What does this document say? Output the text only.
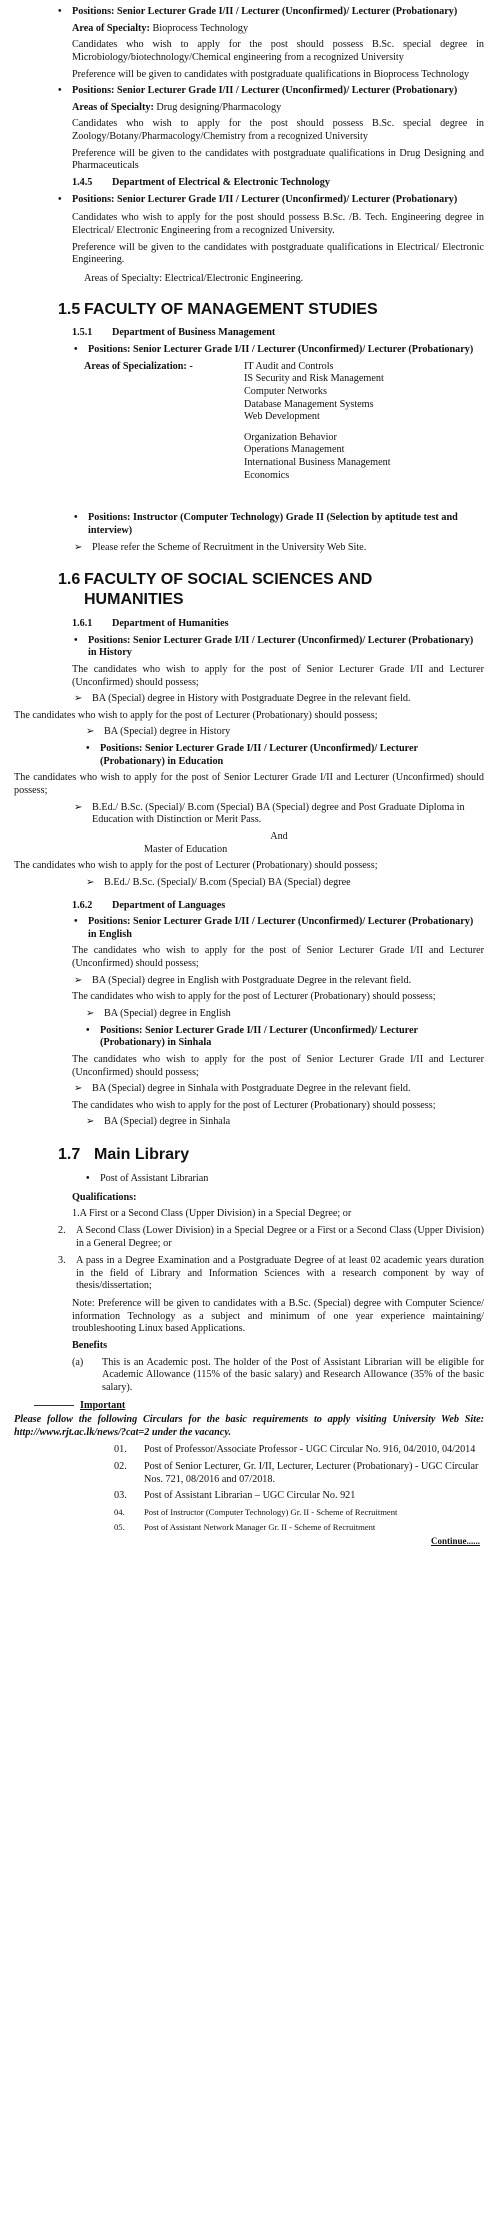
• Positions: Senior Lecturer Grade I/II / Lecturer (Unconfirmed)/ Lecturer (Probationary)

Area of Specialty: Bioprocess Technology

Candidates who wish to apply for the post should possess B.Sc. special degree in Microbiology/biotechnology/Chemical engineering from a recognized University

Preference will be given to candidates with postgraduate qualifications in Bioprocess Technology

• Positions: Senior Lecturer Grade I/II / Lecturer (Unconfirmed)/ Lecturer (Probationary)

Areas of Specialty: Drug designing/Pharmacology

Candidates who wish to apply for the post should possess B.Sc. special degree in Zoology/Botany/Pharmacology/Chemistry from a recognized University

Preference will be given to the candidates with postgraduate qualifications in Drug Designing and Pharmaceuticals

1.4.5 Department of Electrical & Electronic Technology
• Positions: Senior Lecturer Grade I/II / Lecturer (Unconfirmed)/ Lecturer (Probationary)

Candidates who wish to apply for the post should possess B.Sc. /B. Tech. Engineering degree in Electrical/ Electronic Engineering from a recognized University.

Preference will be given to the candidates with postgraduate qualifications in Electrical/ Electronic Engineering.

Areas of Specialty: Electrical/Electronic Engineering.

1.5 FACULTY OF MANAGEMENT STUDIES
1.5.1 Department of Business Management
• Positions: Senior Lecturer Grade I/II / Lecturer (Unconfirmed)/ Lecturer (Probationary)
Areas of Specialization: -	IT Audit and Controls
IS Security and Risk Management
Computer Networks
Database Management Systems
Web Development
Organization Behavior
Operations Management
International Business Management
Economics
• Positions: Instructor (Computer Technology) Grade II (Selection by aptitude test and interview)
➢ Please refer the Scheme of Recruitment in the University Web Site.
1.6 FACULTY OF SOCIAL SCIENCES AND
HUMANITIES
1.6.1 Department of Humanities
• Positions: Senior Lecturer Grade I/II / Lecturer (Unconfirmed)/ Lecturer (Probationary) in History

The candidates who wish to apply for the post of Senior Lecturer Grade I/II and Lecturer (Unconfirmed) should possess;

➢ BA (Special) degree in History with Postgraduate Degree in the relevant field.

The candidates who wish to apply for the post of Lecturer (Probationary) should possess;

➢ BA (Special) degree in History
• Positions: Senior Lecturer Grade I/II / Lecturer (Unconfirmed)/ Lecturer (Probationary) in Education

The candidates who wish to apply for the post of Senior Lecturer Grade I/II and Lecturer (Unconfirmed) should possess;

➢ B.Ed./ B.Sc. (Special)/ B.com (Special) BA (Special) degree and Post Graduate Diploma in Education with Distinction or Merit Pass.

And

Master of Education

The candidates who wish to apply for the post of Lecturer (Probationary) should possess;

➢ B.Ed./ B.Sc. (Special)/ B.com (Special) BA (Special) degree
1.6.2 Department of Languages
• Positions: Senior Lecturer Grade I/II / Lecturer (Unconfirmed)/ Lecturer (Probationary) in English

The candidates who wish to apply for the post of Senior Lecturer Grade I/II and Lecturer (Unconfirmed) should possess;

➢ BA (Special) degree in English with Postgraduate Degree in the relevant field.

The candidates who wish to apply for the post of Lecturer (Probationary) should possess;

➢ BA (Special) degree in English
• Positions: Senior Lecturer Grade I/II / Lecturer (Unconfirmed)/ Lecturer (Probationary) in Sinhala

The candidates who wish to apply for the post of Senior Lecturer Grade I/II and Lecturer (Unconfirmed) should possess;

➢ BA (Special) degree in Sinhala with Postgraduate Degree in the relevant field.

The candidates who wish to apply for the post of Lecturer (Probationary) should possess;

➢ BA (Special) degree in Sinhala
1.7 Main Library
• Post of Assistant Librarian

Qualifications:

1.A First or a Second Class (Upper Division) in a Special Degree; or

2. A Second Class (Lower Division) in a Special Degree or a First or a Second Class (Upper Division) in a General Degree; or
3. A pass in a Degree Examination and a Postgraduate Degree of at least 02 academic years duration in the field of Library and Information Sciences with a research component by way of thesis/dissertation;

Note: Preference will be given to candidates with a B.Sc. (Special) degree with Computer Science/ information Technology as a subject and minimum of one year experience maintaining/ troubleshooting Linux based Applications.

Benefits

(a) This is an Academic post. The holder of the Post of Assistant Librarian will be eligible for Academic Allowance (115% of the basic salary) and Research Allowance (35% of the basic salary).
Important

Please follow the following Circulars for the basic requirements to apply visiting University Web Site: http://www.rjt.ac.lk/news/?cat=2 under the vacancy.

01. Post of Professor/Associate Professor - UGC Circular No. 916, 04/2010, 04/2014
02. Post of Senior Lecturer, Gr. I/II, Lecturer, Lecturer (Probationary) - UGC Circular Nos. 721, 08/2016 and 07/2018.
03. Post of Assistant Librarian – UGC Circular No. 921
04. Post of Instructor (Computer Technology) Gr. II - Scheme of Recruitment
05. Post of Assistant Network Manager Gr. II - Scheme of Recruitment
Continue......
